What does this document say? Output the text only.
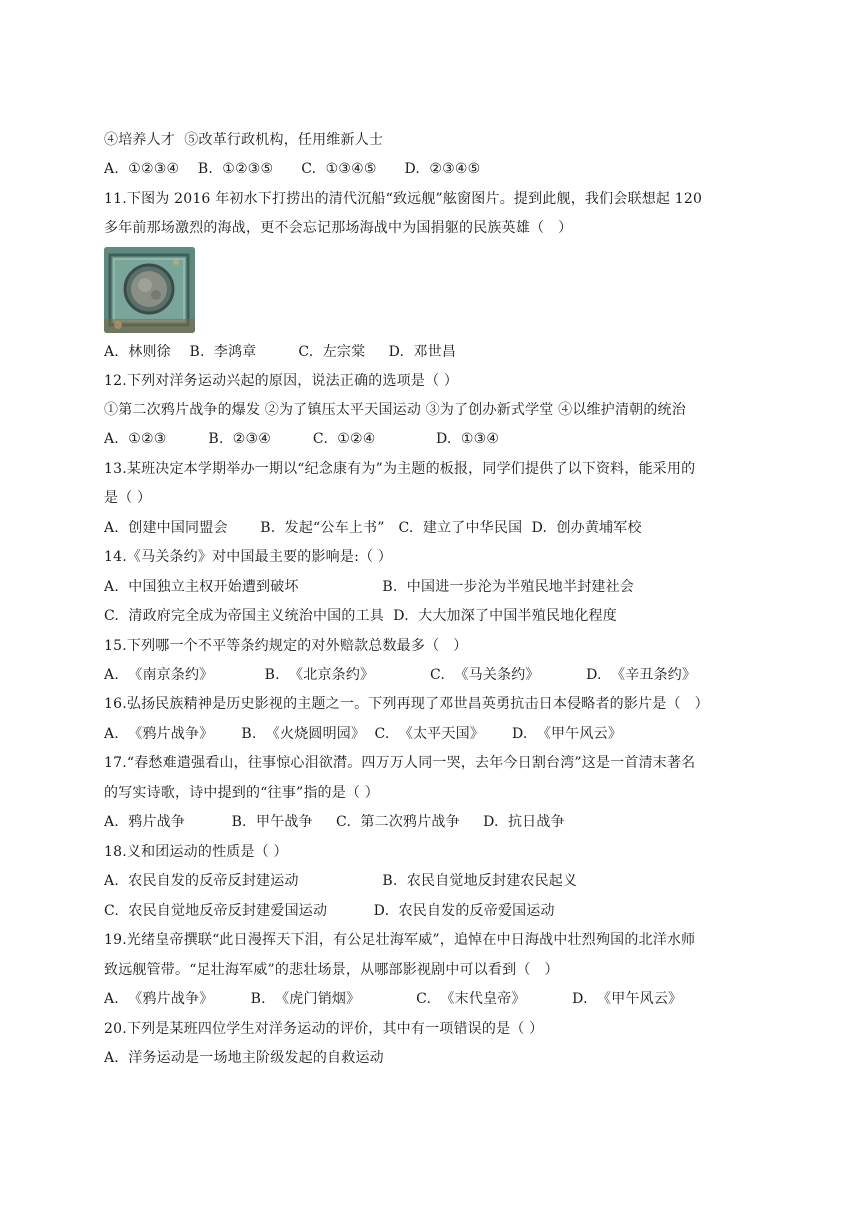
④培养人才  ⑤改革行政机构，任用维新人士
A.  ①②③④    B.  ①②③⑤      C.  ①③④⑤      D.  ②③④⑤
11.下图为 2016 年初水下打捞出的清代沉船“致远舰”舷窗图片。提到此舰，我们会联想起 120
多年前那场激烈的海战，更不会忘记那场海战中为国捐躯的民族英雄（   ）
A.  林则徐    B.  李鸿章         C.  左宗棠     D.  邓世昌
12.下列对洋务运动兴起的原因，说法正确的选项是（ ）
①第二次鸦片战争的爆发 ②为了镇压太平天国运动 ③为了创办新式学堂 ④以维护清朝的统治
A.  ①②③         B.  ②③④         C.  ①②④             D.  ①③④
13.某班决定本学期举办一期以“纪念康有为”为主题的板报，同学们提供了以下资料，能采用的
是（ ）
A.  创建中国同盟会       B.  发起“公车上书”   C.  建立了中华民国  D.  创办黄埔军校
14.《马关条约》对中国最主要的影响是:（ ）
A.  中国独立主权开始遭到破坏                  B.  中国进一步沦为半殖民地半封建社会
C.  清政府完全成为帝国主义统治中国的工具  D.  大大加深了中国半殖民地化程度
15.下列哪一个不平等条约规定的对外赔款总数最多（   ）
A.  《南京条约》           B.  《北京条约》            C.  《马关条约》          D.  《辛丑条约》
16.弘扬民族精神是历史影视的主题之一。下列再现了邓世昌英勇抗击日本侵略者的影片是（   ）
A.  《鸦片战争》      B.  《火烧圆明园》  C.  《太平天国》      D.  《甲午风云》
17.“春愁难遣强看山，往事惊心泪欲潸。四万万人同一哭，去年今日割台湾”这是一首清末著名
的写实诗歌，诗中提到的“往事”指的是（ ）
A.  鸦片战争          B.  甲午战争     C.  第二次鸦片战争     D.  抗日战争
18.义和团运动的性质是（ ）
A.  农民自发的反帝反封建运动                  B.  农民自觉地反封建农民起义
C.  农民自觉地反帝反封建爱国运动          D.  农民自发的反帝爱国运动
19.光绪皇帝撰联“此日漫挥天下泪，有公足壮海军威”，追悼在中日海战中壮烈殉国的北洋水师
致远舰管带。“足壮海军威”的悲壮场景，从哪部影视剧中可以看到（   ）
A.  《鸦片战争》        B.  《虎门销烟》            C.  《末代皇帝》          D.  《甲午风云》
20.下列是某班四位学生对洋务运动的评价，其中有一项错误的是（ ）
A.  洋务运动是一场地主阶级发起的自救运动
